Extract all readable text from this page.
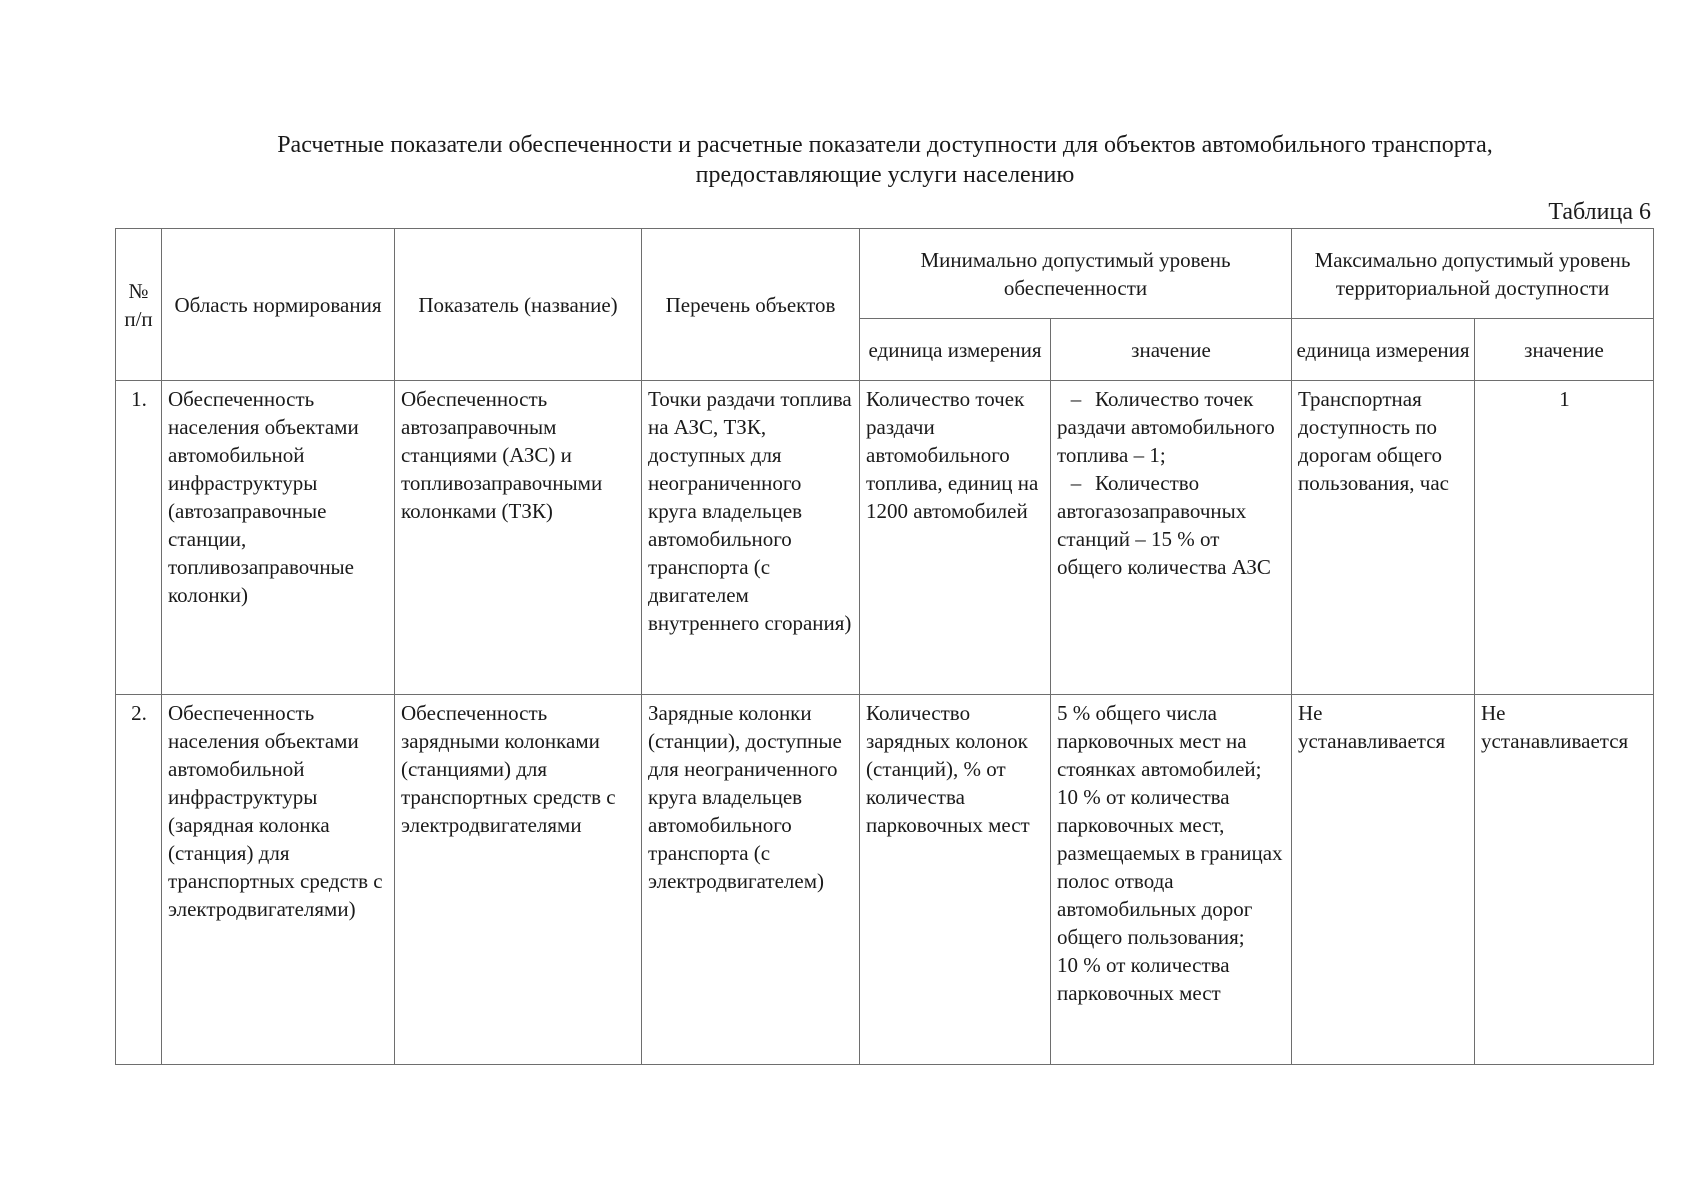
Расчетные показатели обеспеченности и расчетные показатели доступности для объектов автомобильного транспорта,
предоставляющие услуги населению
Таблица 6
№ п/п	Область нормирования	Показатель (название)	Перечень объектов	Минимально допустимый уровень обеспеченности		Максимально допустимый уровень территориальной доступности	
				единица измерения	значение	единица измерения	значение
1.	Обеспеченность населения объектами автомобильной инфраструктуры (автозаправочные станции, топливозаправочные колонки)	Обеспеченность автозаправочным станциями (АЗС) и топливозаправочными колонками (ТЗК)	Точки раздачи топлива на АЗС, ТЗК, доступных для неограниченного круга владельцев автомобильного транспорта (с двигателем внутреннего сгорания)	Количество точек раздачи автомобильного топлива, единиц на 1200 автомобилей	– Количество точек раздачи автомобильного топлива – 1;
– Количество автогазозаправочных станций – 15 % от общего количества АЗС	Транспортная доступность по дорогам общего пользования, час	1
2.	Обеспеченность населения объектами автомобильной инфраструктуры (зарядная колонка (станция) для транспортных средств с электродвигателями)	Обеспеченность зарядными колонками (станциями) для транспортных средств с электродвигателями	Зарядные колонки (станции), доступные для неограниченного круга владельцев автомобильного транспорта (с электродвигателем)	Количество зарядных колонок (станций), % от количества парковочных мест	5 % общего числа парковочных мест на стоянках автомобилей;
10 % от количества парковочных мест, размещаемых в границах полос отвода автомобильных дорог общего пользования;
10 % от количества парковочных мест	Не устанавливается	Не устанавливается
